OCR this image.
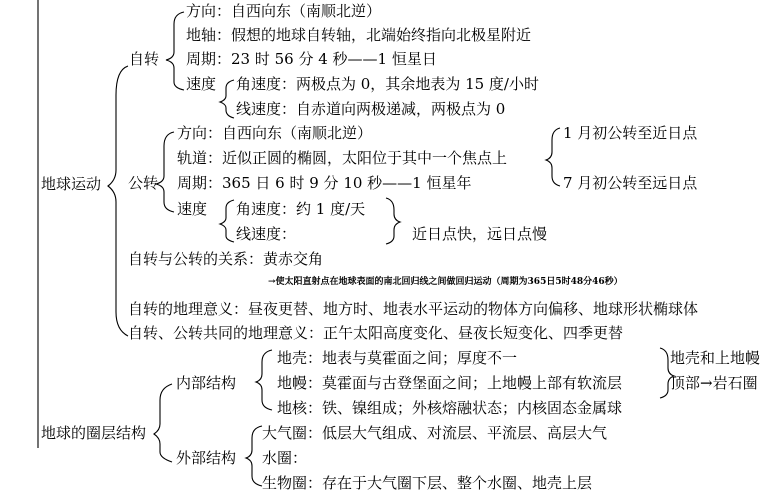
地球运动
自转
方向：自西向东（南顺北逆）
地轴：假想的地球自转轴，北端始终指向北极星附近
周期：23 时 56 分 4 秒——1 恒星日
速度 角速度：两极点为 0，其余地表为 15 度/小时
线速度：自赤道向两极递减，两极点为 0
公转
方向：自西向东（南顺北逆）
轨道：近似正圆的椭圆，太阳位于其中一个焦点上
周期：365 日 6 时 9 分 10 秒——1 恒星年
速度 角速度：约 1 度/天
线速度：
1 月初公转至近日点
7 月初公转至远日点
近日点快，远日点慢
自转与公转的关系：黄赤交角
→使太阳直射点在地球表面的南北回归线之间做回归运动（周期为365日5时48分46秒）
自转的地理意义：昼夜更替、地方时、地表水平运动的物体方向偏移、地球形状椭球体
自转、公转共同的地理意义：正午太阳高度变化、昼夜长短变化、四季更替
地球的圈层结构
内部结构
地壳：地表与莫霍面之间；厚度不一
地幔：莫霍面与古登堡面之间；上地幔上部有软流层
地核：铁、镍组成；外核熔融状态；内核固态金属球
地壳和上地幔
顶部 →岩石圈
外部结构
大气圈：低层大气组成、对流层、平流层、高层大气
水圈：
生物圈：存在于大气圈下层、整个水圈、地壳上层
